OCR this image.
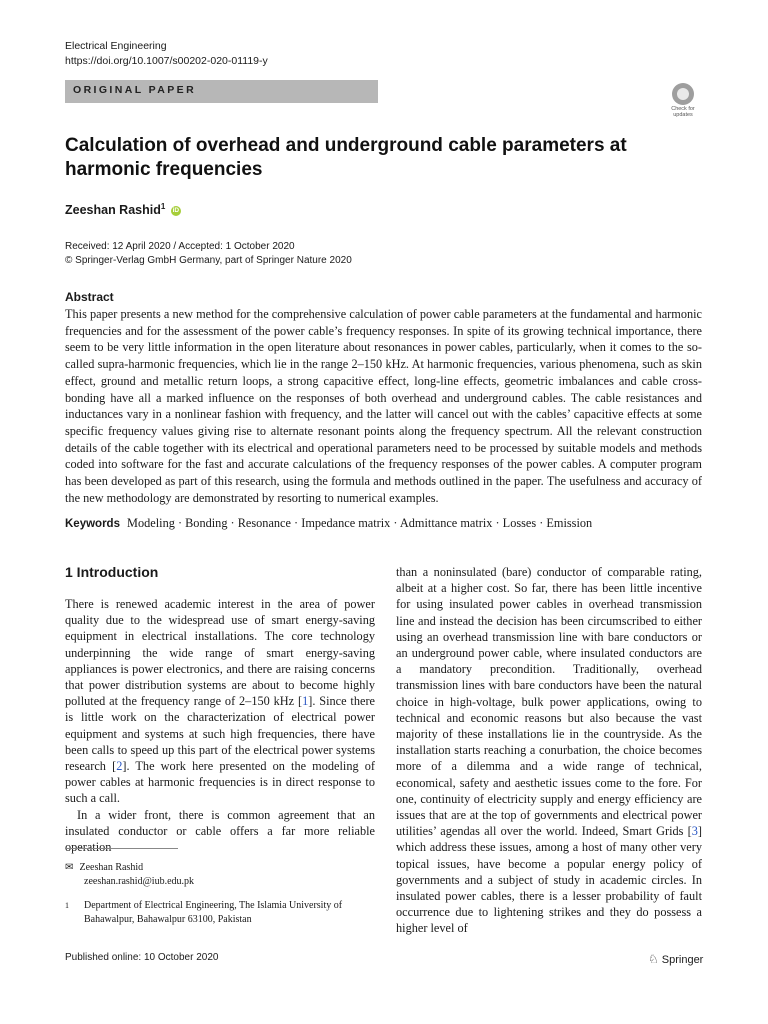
Electrical Engineering
https://doi.org/10.1007/s00202-020-01119-y
ORIGINAL PAPER
Check for
updates
Calculation of overhead and underground cable parameters at harmonic frequencies
Zeeshan Rashid$^1$ iD
Received: 12 April 2020 / Accepted: 1 October 2020
© Springer-Verlag GmbH Germany, part of Springer Nature 2020
Abstract
This paper presents a new method for the comprehensive calculation of power cable parameters at the fundamental and harmonic frequencies and for the assessment of the power cable’s frequency responses. In spite of its growing technical importance, there seem to be very little information in the open literature about resonances in power cables, particularly, when it comes to the so-called supra-harmonic frequencies, which lie in the range 2–150 kHz. At harmonic frequencies, various phenomena, such as skin effect, ground and metallic return loops, a strong capacitive effect, long-line effects, geometric imbalances and cable cross-bonding have all a marked influence on the responses of both overhead and underground cables. The cable resistances and inductances vary in a nonlinear fashion with frequency, and the latter will cancel out with the cables’ capacitive effects at some specific frequency values giving rise to alternate resonant points along the frequency spectrum. All the relevant construction details of the cable together with its electrical and operational parameters need to be processed by suitable models and methods coded into software for the fast and accurate calculations of the frequency responses of the power cables. A computer program has been developed as part of this research, using the formula and methods outlined in the paper. The usefulness and accuracy of the new methodology are demonstrated by resorting to numerical examples.
Keywords Modeling · Bonding · Resonance · Impedance matrix · Admittance matrix · Losses · Emission
1 Introduction

There is renewed academic interest in the area of power quality due to the widespread use of smart energy-saving equipment in electrical installations. The core technology underpinning the wide range of smart energy-saving appliances is power electronics, and there are raising concerns that power distribution systems are about to become highly polluted at the frequency range of 2–150 kHz [1]. Since there is little work on the characterization of electrical power equipment and systems at such high frequencies, there have been calls to speed up this part of the electrical power systems research [2]. The work here presented on the modeling of power cables at harmonic frequencies is in direct response to such a call.

In a wider front, there is common agreement that an insulated conductor or cable offers a far more reliable operation

than a noninsulated (bare) conductor of comparable rating, albeit at a higher cost. So far, there has been little incentive for using insulated power cables in overhead transmission line and instead the decision has been circumscribed to either using an overhead transmission line with bare conductors or an underground power cable, where insulated conductors are a mandatory precondition. Traditionally, overhead transmission lines with bare conductors have been the natural choice in high-voltage, bulk power applications, owing to technical and economic reasons but also because the vast majority of these installations lie in the countryside. As the installation starts reaching a conurbation, the choice becomes more of a dilemma and a wide range of technical, economical, safety and aesthetic issues come to the fore. For one, continuity of electricity supply and energy efficiency are issues that are at the top of governments and electrical power utilities’ agendas all over the world. Indeed, Smart Grids [3] which address these issues, among a host of many other very topical issues, have become a popular energy policy of governments and a subject of study in academic circles. In insulated power cables, there is a lesser probability of fault occurrence due to lightening strikes and they do possess a higher level of

✉ Zeeshan Rashid
zeeshan.rashid@iub.edu.pk
1	Department of Electrical Engineering, The Islamia University of Bahawalpur, Bahawalpur 63100, Pakistan
Published online: 10 October 2020	♘ Springer
